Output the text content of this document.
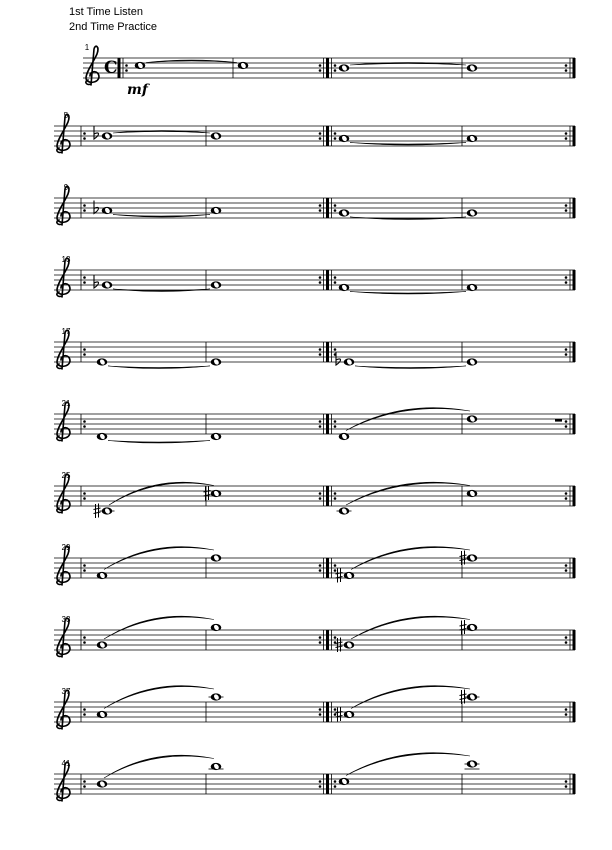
1st Time Listen
2nd Time Practice
1
C
mf
5
9
13
17
21
25
29
33
37
41
